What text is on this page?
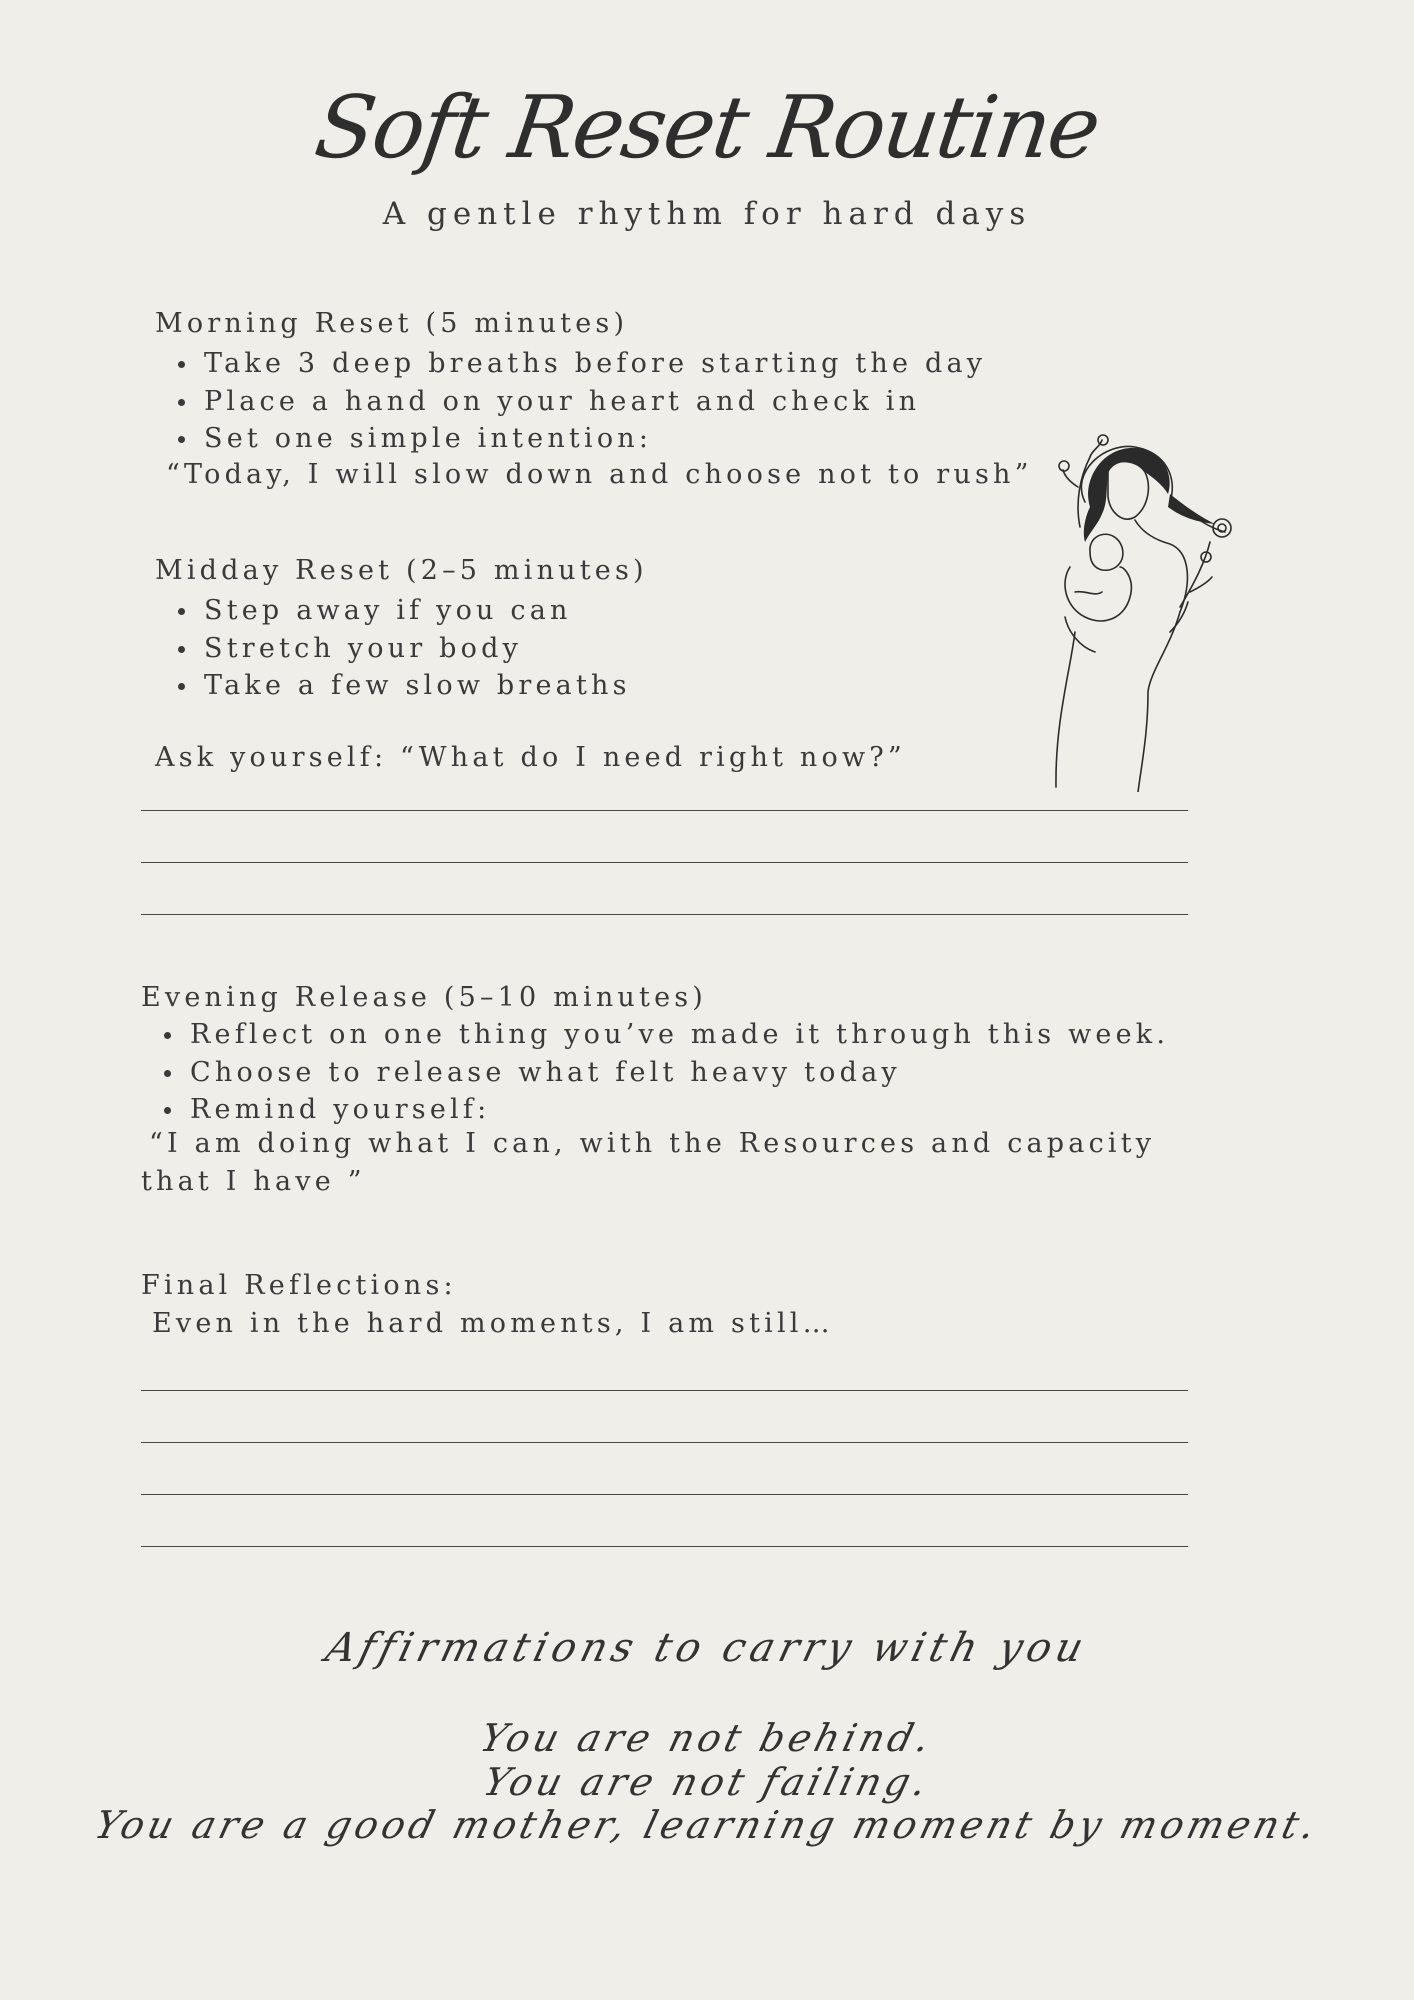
Soft Reset Routine
A gentle rhythm for hard days
Morning Reset (5 minutes)
Take 3 deep breaths before starting the day
Place a hand on your heart and check in
Set one simple intention:

“Today, I will slow down and choose not to rush”

Midday Reset (2–5 minutes)
Step away if you can
Stretch your body
Take a few slow breaths

Ask yourself: “What do I need right now?”

Evening Release (5–10 minutes)
Reflect on one thing you’ve made it through this week.
Choose to release what felt heavy today
Remind yourself:

“I am doing what I can, with the Resources and capacity

that I have ”

Final Reflections:

Even in the hard moments, I am still…

Affirmations to carry with you
You are not behind.
You are not failing.
You are a good mother, learning moment by moment.
